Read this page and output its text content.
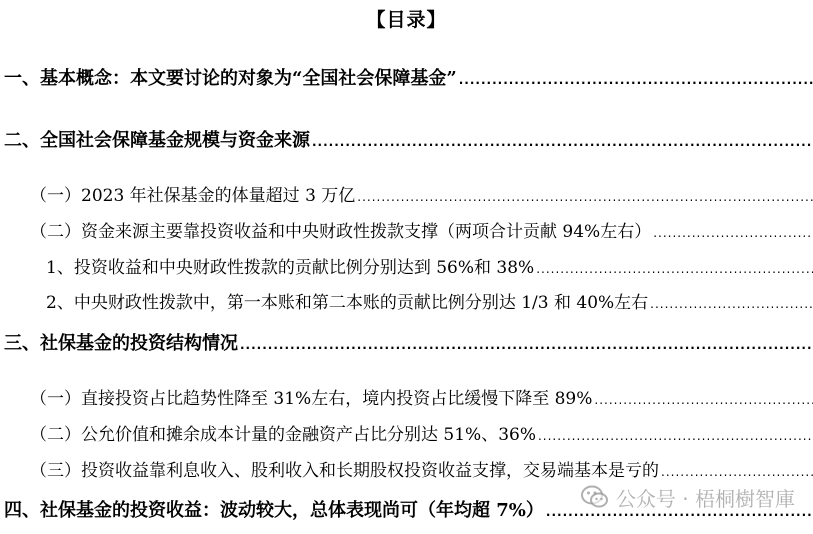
【目录】
一、基本概念：本文要讨论的对象为“全国社会保障基金”
.....
二、全国社会保障基金规模与资金来源
.....
（一）2023 年社保基金的体量超过 3 万亿
.....
（二）资金来源主要靠投资收益和中央财政性拨款支撑（两项合计贡献 94%左右）
.....
1、投资收益和中央财政性拨款的贡献比例分别达到 56%和 38%
.....
2、中央财政性拨款中，第一本账和第二本账的贡献比例分别达 1/3 和 40%左右
.....
三、社保基金的投资结构情况
.....
（一）直接投资占比趋势性降至 31%左右，境内投资占比缓慢下降至 89%
.....
（二）公允价值和摊余成本计量的金融资产占比分别达 51%、36%
.....
（三）投资收益靠利息收入、股利收入和长期股权投资收益支撑，交易端基本是亏的
.....
四、社保基金的投资收益：波动较大，总体表现尚可（年均超 7%）
.....	公众号 · 梧桐樹智庫
